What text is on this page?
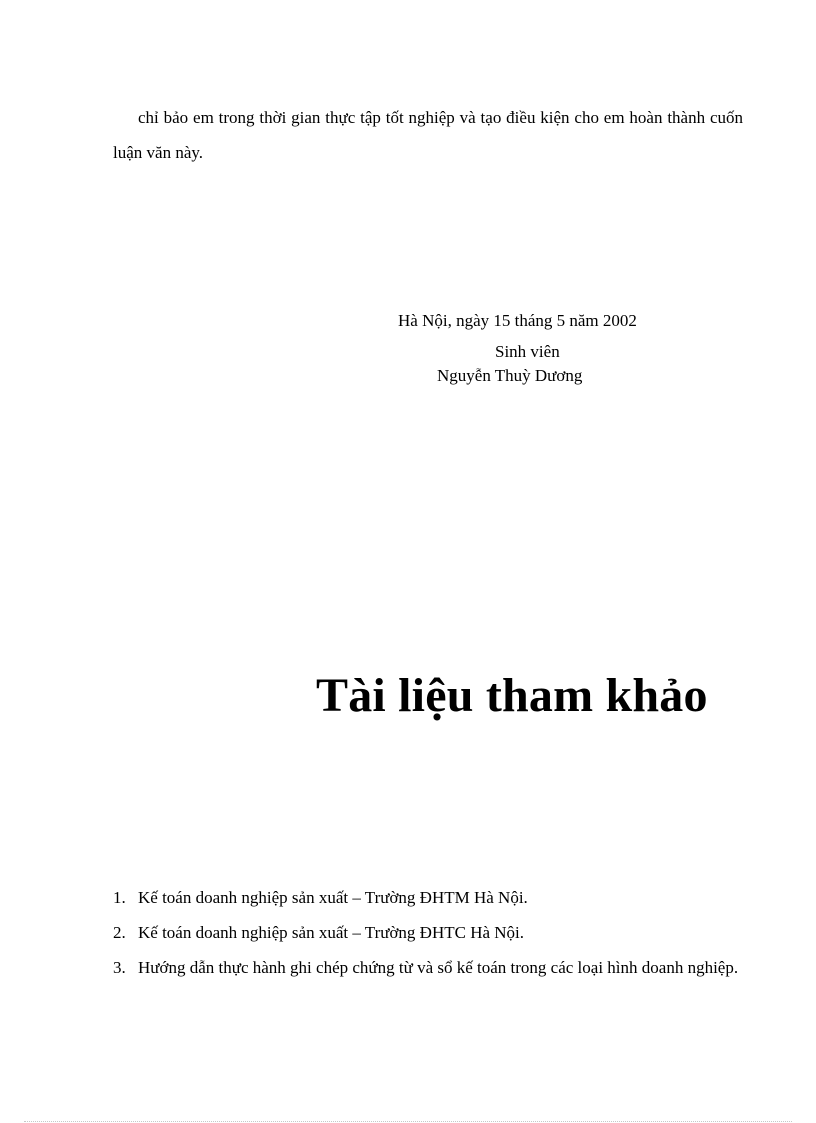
chỉ bảo em trong thời gian thực tập tốt nghiệp và tạo điều kiện cho em hoàn thành cuốn luận văn này.
Hà Nội, ngày 15 tháng 5 năm 2002
Sinh viên
Nguyễn Thuỳ Dương
Tài liệu tham khảo
1. Kế toán doanh nghiệp sản xuất – Trường ĐHTM Hà Nội.
2. Kế toán doanh nghiệp sản xuất – Trường ĐHTC Hà Nội.
3. Hướng dẫn thực hành ghi chép chứng từ và sổ kế toán trong các loại hình doanh nghiệp.
